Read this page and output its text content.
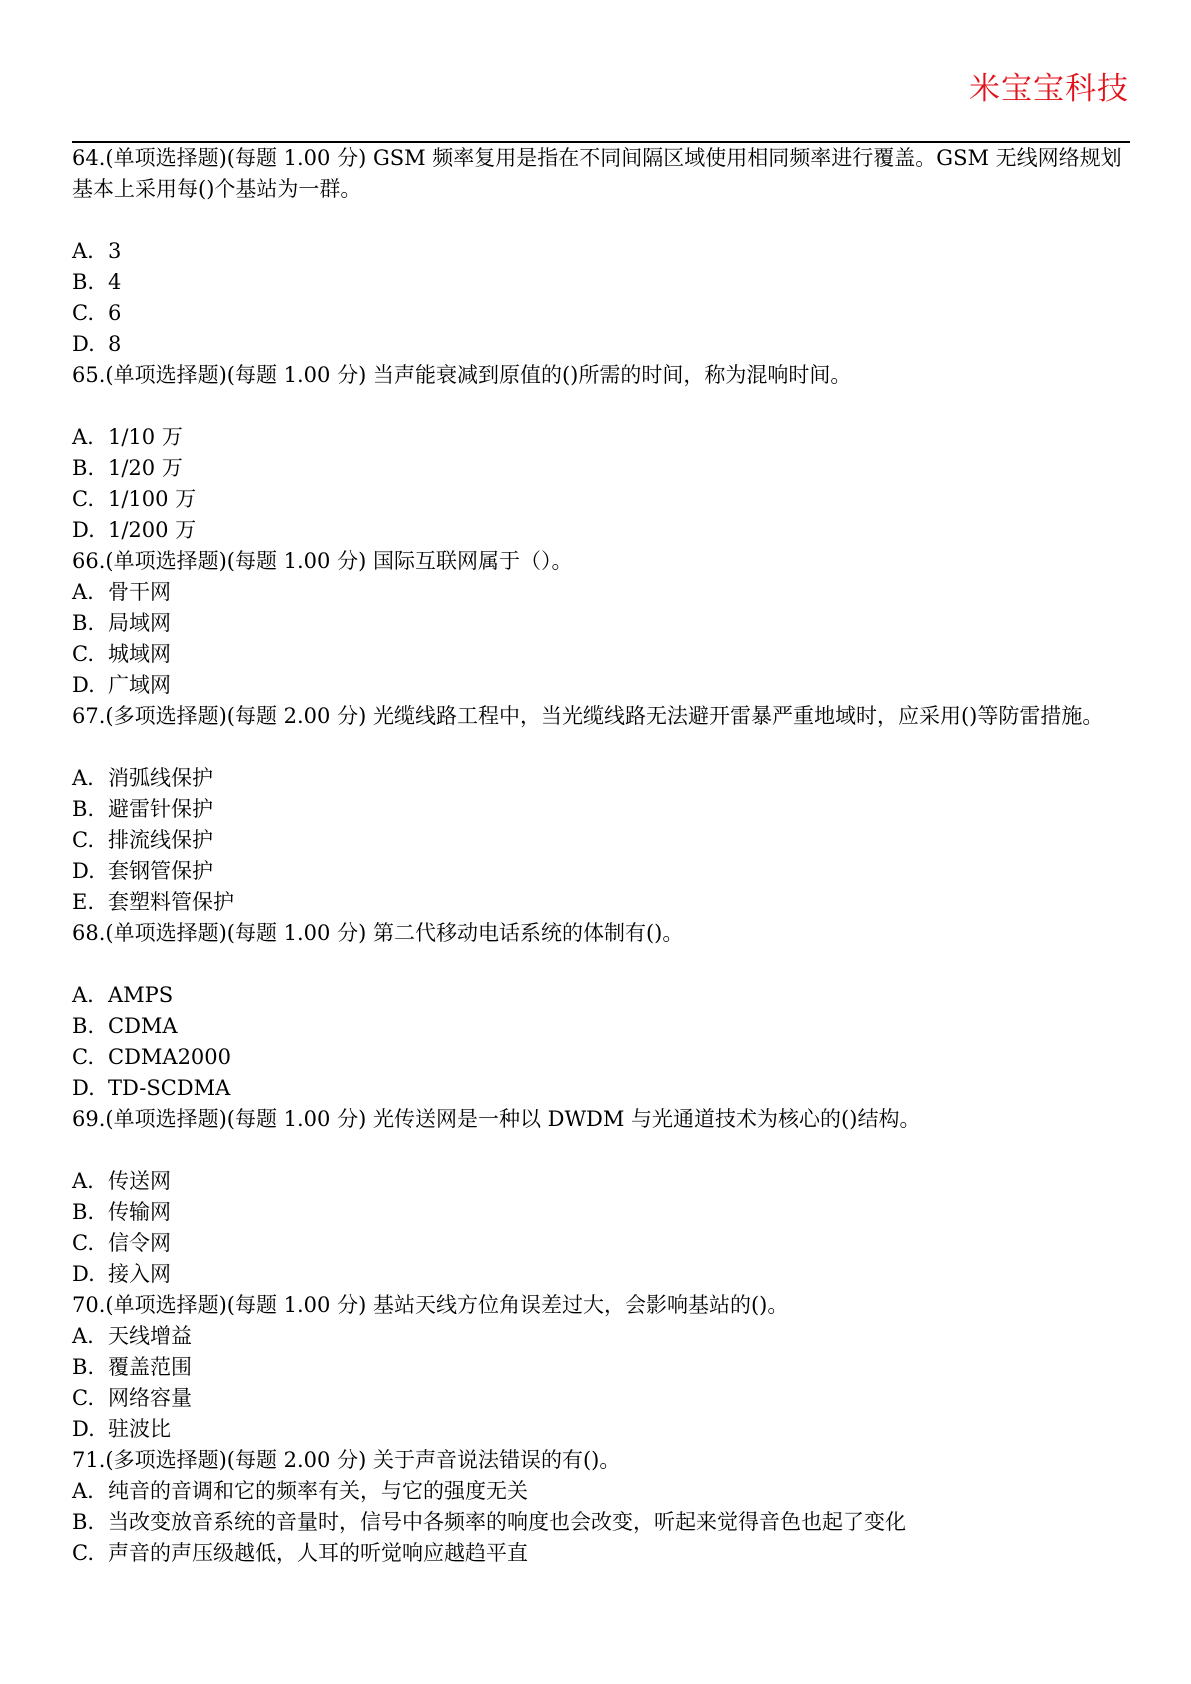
米宝宝科技
64.(单项选择题)(每题 1.00 分) GSM 频率复用是指在不同间隔区域使用相同频率进行覆盖。GSM 无线网络规划基本上采用每()个基站为一群。
A. 3
B. 4
C. 6
D. 8
65.(单项选择题)(每题 1.00 分) 当声能衰减到原值的()所需的时间，称为混响时间。
A. 1/10 万
B. 1/20 万
C. 1/100 万
D. 1/200 万
66.(单项选择题)(每题 1.00 分) 国际互联网属于（）。
A. 骨干网
B. 局域网
C. 城域网
D. 广域网
67.(多项选择题)(每题 2.00 分) 光缆线路工程中，当光缆线路无法避开雷暴严重地域时，应采用()等防雷措施。
A. 消弧线保护
B. 避雷针保护
C. 排流线保护
D. 套钢管保护
E. 套塑料管保护
68.(单项选择题)(每题 1.00 分) 第二代移动电话系统的体制有()。
A. AMPS
B. CDMA
C. CDMA2000
D. TD-SCDMA
69.(单项选择题)(每题 1.00 分) 光传送网是一种以 DWDM 与光通道技术为核心的()结构。
A. 传送网
B. 传输网
C. 信令网
D. 接入网
70.(单项选择题)(每题 1.00 分) 基站天线方位角误差过大，会影响基站的()。
A. 天线增益
B. 覆盖范围
C. 网络容量
D. 驻波比
71.(多项选择题)(每题 2.00 分) 关于声音说法错误的有()。
A. 纯音的音调和它的频率有关，与它的强度无关
B. 当改变放音系统的音量时，信号中各频率的响度也会改变，听起来觉得音色也起了变化
C. 声音的声压级越低，人耳的听觉响应越趋平直
